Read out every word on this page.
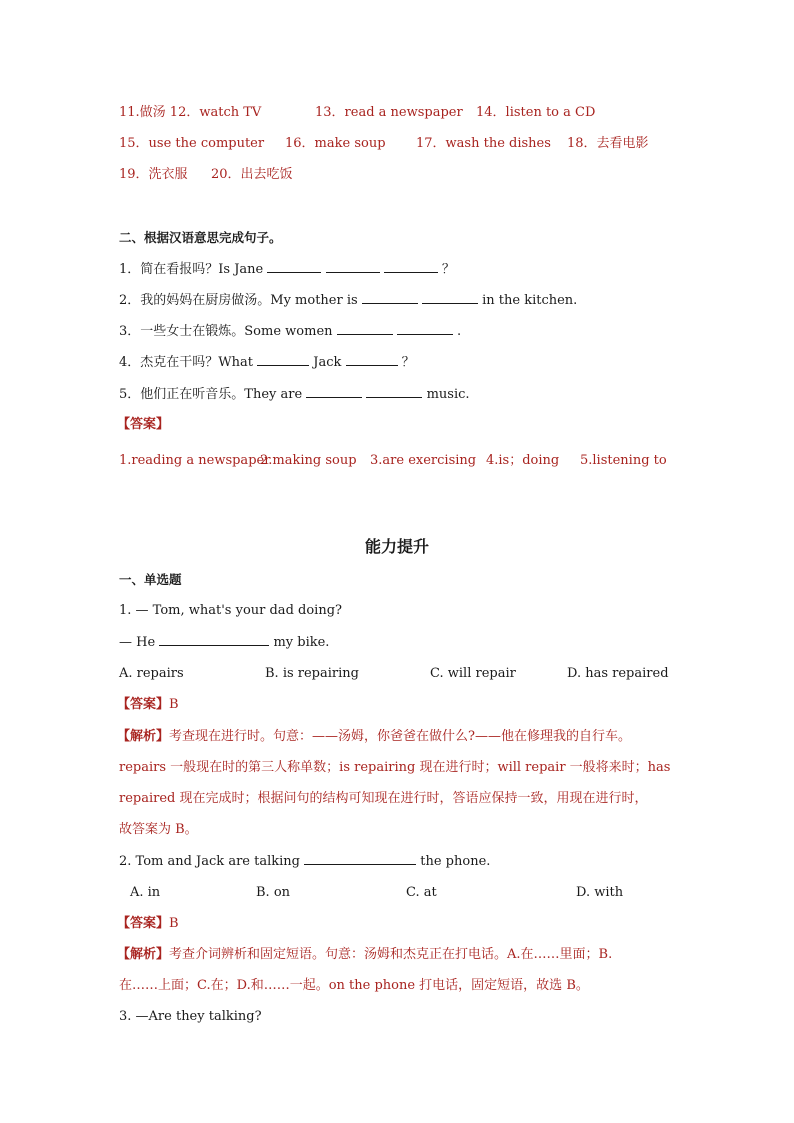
11.做汤 12．watch TV	13．read a newspaper 14．listen to a CD
15．use the computer 16．make soup 17．wash the dishes 18．去看电影
19．洗衣服 20．出去吃饭
二、根据汉语意思完成句子。
1．简在看报吗？Is Jane	？
2．我的妈妈在厨房做汤。My mother is	in the kitchen.
3．一些女士在锻炼。Some women	.
4．杰克在干吗？What	Jack	？
5．他们正在听音乐。They are	music.
【答案】
1.reading a newspaper
2.making soup 3.are exercising 4.is；doing 5.listening to
能力提升
一、单选题
1. — Tom, what's your dad doing?
— He	my bike.
A. repairs	B. is repairing	C. will repair	D. has repaired
【答案】B
【解析】考查现在进行时。句意：——汤姆，你爸爸在做什么?——他在修理我的自行车。
repairs 一般现在时的第三人称单数；is repairing 现在进行时；will repair 一般将来时；has
repaired 现在完成时；根据问句的结构可知现在进行时，答语应保持一致，用现在进行时，
故答案为 B。
2. Tom and Jack are talking	the phone.
A. in	B. on	C. at	D. with
【答案】B
【解析】考查介词辨析和固定短语。句意：汤姆和杰克正在打电话。A.在……里面；B.
在……上面；C.在；D.和……一起。on the phone 打电话，固定短语，故选 B。
3. —Are they talking?
